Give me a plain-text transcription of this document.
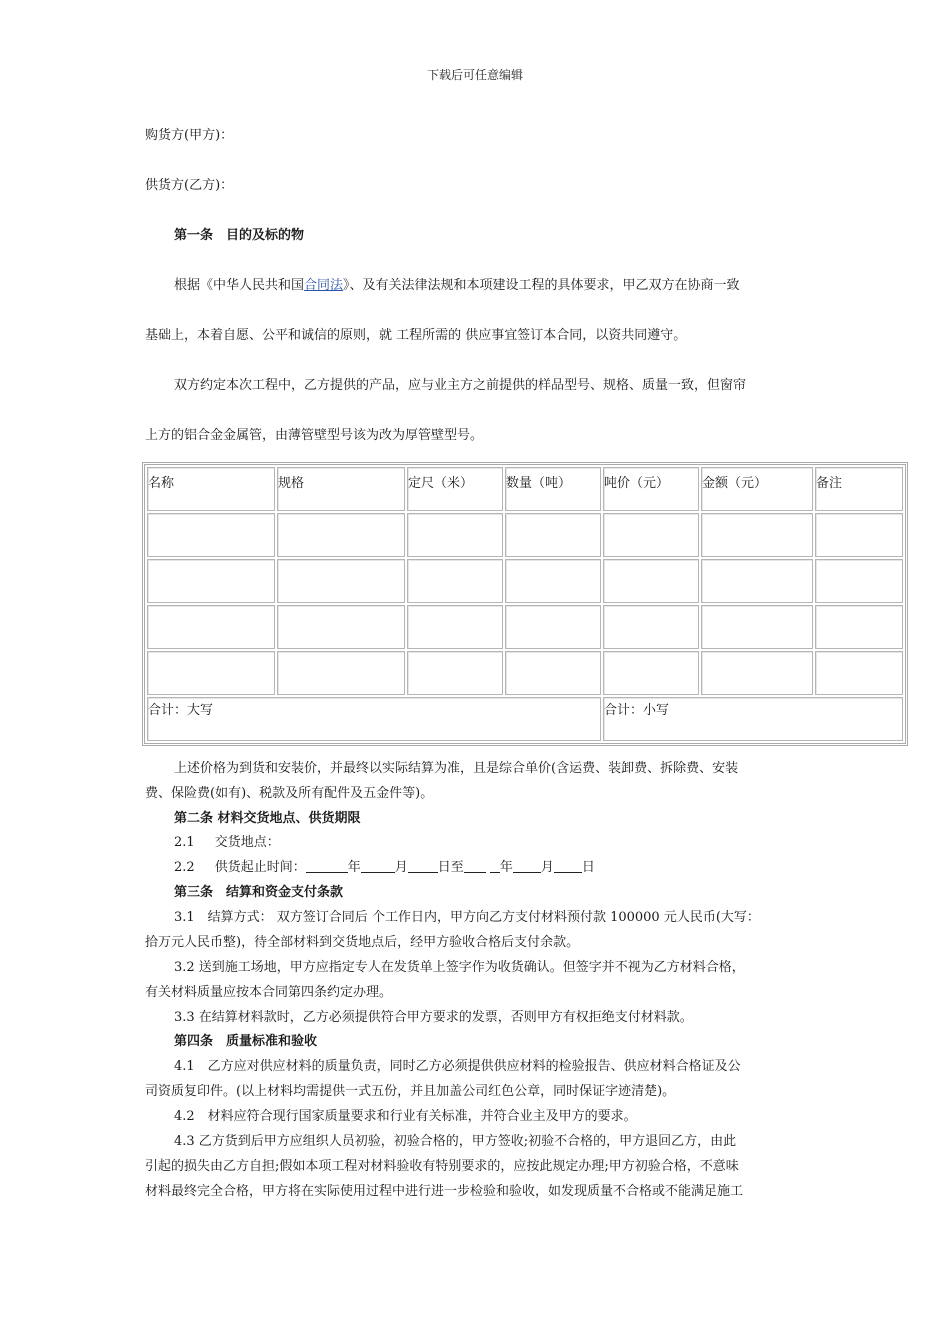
下载后可任意编辑
购货方(甲方)：
供货方(乙方)：
第一条　目的及标的物
根据《中华人民共和国合同法》、及有关法律法规和本项建设工程的具体要求，甲乙双方在协商一致
基础上，本着自愿、公平和诚信的原则，就 工程所需的 供应事宜签订本合同，以资共同遵守。
双方约定本次工程中，乙方提供的产品，应与业主方之前提供的样品型号、规格、质量一致，但窗帘
上方的铝合金金属管，由薄管壁型号该为改为厚管壁型号。
名称	规格	定尺（米）	数量（吨）	吨价（元）	金额（元）	备注

合计：大写				合计：小写		
上述价格为到货和安装价，并最终以实际结算为准，且是综合单价(含运费、装卸费、拆除费、安装
费、保险费(如有)、税款及所有配件及五金件等)。
第二条 材料交货地点、供货期限
2.1 交货地点：
2.2 供货起止时间：	年	月 日至	年 月 日
第三条　结算和资金支付条款
3.1　结算方式： 双方签订合同后 个工作日内，甲方向乙方支付材料预付款 100000 元人民币(大写：
拾万元人民币整)，待全部材料到交货地点后，经甲方验收合格后支付余款。
3.2 送到施工场地，甲方应指定专人在发货单上签字作为收货确认。但签字并不视为乙方材料合格，
有关材料质量应按本合同第四条约定办理。
3.3 在结算材料款时，乙方必须提供符合甲方要求的发票，否则甲方有权拒绝支付材料款。
第四条　质量标准和验收
4.1　乙方应对供应材料的质量负责，同时乙方必须提供供应材料的检验报告、供应材料合格证及公
司资质复印件。(以上材料均需提供一式五份，并且加盖公司红色公章，同时保证字迹清楚)。
4.2　材料应符合现行国家质量要求和行业有关标准，并符合业主及甲方的要求。
4.3 乙方货到后甲方应组织人员初验，初验合格的，甲方签收;初验不合格的，甲方退回乙方，由此
引起的损失由乙方自担;假如本项工程对材料验收有特别要求的，应按此规定办理;甲方初验合格，不意味
材料最终完全合格，甲方将在实际使用过程中进行进一步检验和验收，如发现质量不合格或不能满足施工
